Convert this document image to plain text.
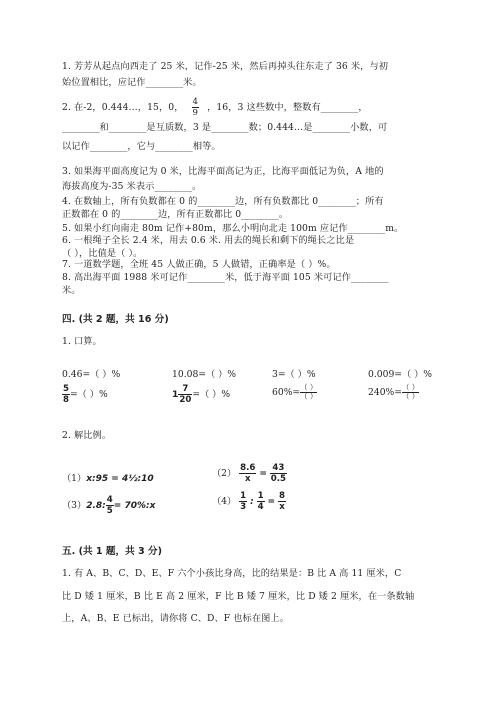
1. 芳芳从起点向西走了 25 米，记作-25 米，然后再掉头往东走了 36 米，与初
始位置相比，应记作________米。
2. 在-2，0.444…，15，0， $\frac{4}{9}$ ，16，3 这些数中，整数有________，
________和________是互质数，3 是________数；0.444…是________小数，可
以记作________，它与________相等。
3. 如果海平面高度记为 0 米，比海平面高记为正，比海平面低记为负，A 地的
海拔高度为-35 米表示________。
4. 在数轴上，所有负数都在 0 的________边，所有负数都比 0________；所有
正数都在 0 的________边，所有正数都比 0________。
5. 如果小红向南走 80m 记作+80m，那么小明向北走 100m 应记作________m。
6. 一根绳子全长 2.4 米，用去 0.6 米. 用去的绳长和剩下的绳长之比是
（ ），比值是（ ）。
7. 一道数学题，全班 45 人做正确，5 人做错，正确率是（ ）%。
8. 高出海平面 1988 米可记作________米，低于海平面 105 米可记作________
米。
四. (共 2 题，共 16 分)
1. 口算。
0.46=（ ）%	10.08=（ ）%	3=（ ）%	0.009=（ ）%
$\frac{5}{8}$ =（ ）%	$1 \frac{7}{20}$ =（ ）%	$60\%= \frac{( )}{( )}$	$240\%= \frac{( )}{( )}$
2. 解比例。
（1）x:95 = 4½:10	$(2) \frac{8.6}{x} = \frac{43}{0.5}$
（3）2.8: $\frac{4}{5}$ = 70%:x	$(4) \frac{1}{3}$ : $\frac{1}{4} = \frac{8}{x}$
五. (共 1 题，共 3 分)
1. 有 A、B、C、D、E、F 六个小孩比身高，比的结果是：B 比 A 高 11 厘米，C
比 D 矮 1 厘米，B 比 E 高 2 厘米，F 比 B 矮 7 厘米，比 D 矮 2 厘米，在一条数轴
上，A、B、E 已标出，请你将 C、D、F 也标在图上。
